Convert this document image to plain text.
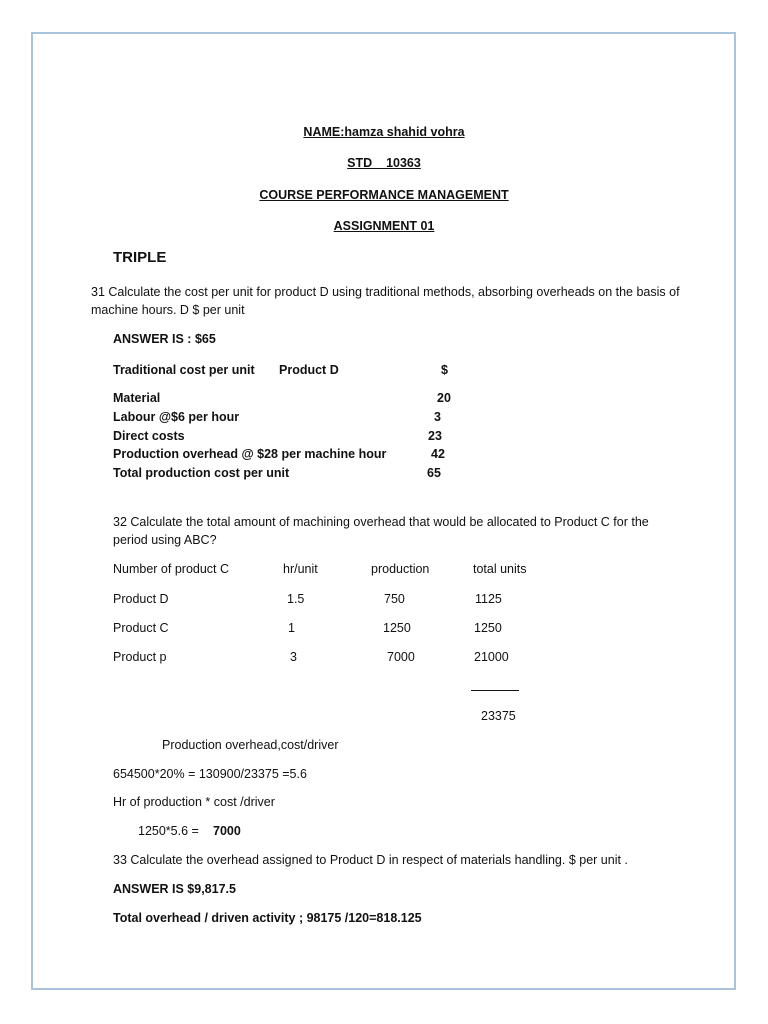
NAME:hamza shahid vohra
STD    10363
COURSE PERFORMANCE MANAGEMENT
ASSIGNMENT 01
TRIPLE
31 Calculate the cost per unit for product D using traditional methods, absorbing overheads on the basis of machine hours. D $ per unit
ANSWER IS : $65
Traditional cost per unit Product D	$
Material	20
Labour @$6 per hour	3
Direct costs	23
Production overhead @ $28 per machine hour	42
Total production cost per unit	65
32 Calculate the total amount of machining overhead that would be allocated to Product C for the period using ABC?
Number of product C	hr/unit	production	total units
Product D	1.5	750	1125
Product C	1	1250	1250
Product p	3	7000	21000
23375
Production overhead,cost/driver
654500*20% = 130900/23375 =5.6
Hr of production * cost /driver
1250*5.6 = 7000
33 Calculate the overhead assigned to Product D in respect of materials handling. $ per unit .
ANSWER IS $9,817.5
Total overhead / driven activity ; 98175 /120=818.125
